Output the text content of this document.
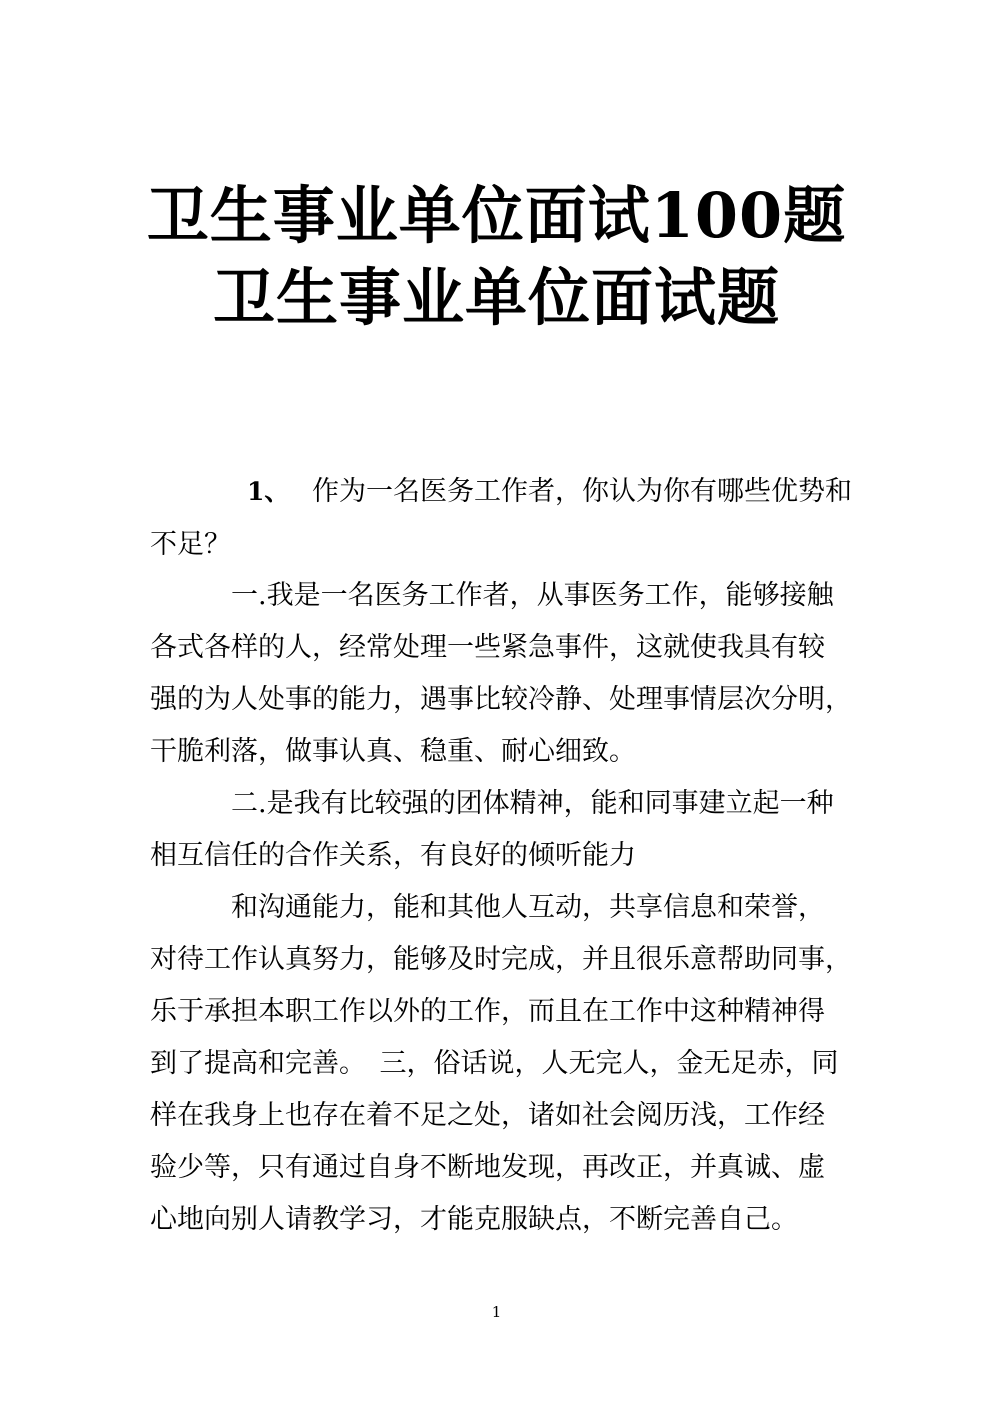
卫生事业单位面试100题
卫生事业单位面试题
1、 作为一名医务工作者，你认为你有哪些优势和
不足？
一.我是一名医务工作者，从事医务工作，能够接触
各式各样的人，经常处理一些紧急事件，这就使我具有较
强的为人处事的能力，遇事比较冷静、处理事情层次分明，
干脆利落，做事认真、稳重、耐心细致。
二.是我有比较强的团体精神，能和同事建立起一种
相互信任的合作关系，有良好的倾听能力
和沟通能力，能和其他人互动，共享信息和荣誉，
对待工作认真努力，能够及时完成，并且很乐意帮助同事，
乐于承担本职工作以外的工作，而且在工作中这种精神得
到了提高和完善。　三，俗话说，人无完人，金无足赤，同
样在我身上也存在着不足之处，诸如社会阅历浅，工作经
验少等，只有通过自身不断地发现，再改正，并真诚、虚
心地向别人请教学习，才能克服缺点，不断完善自己。
1
